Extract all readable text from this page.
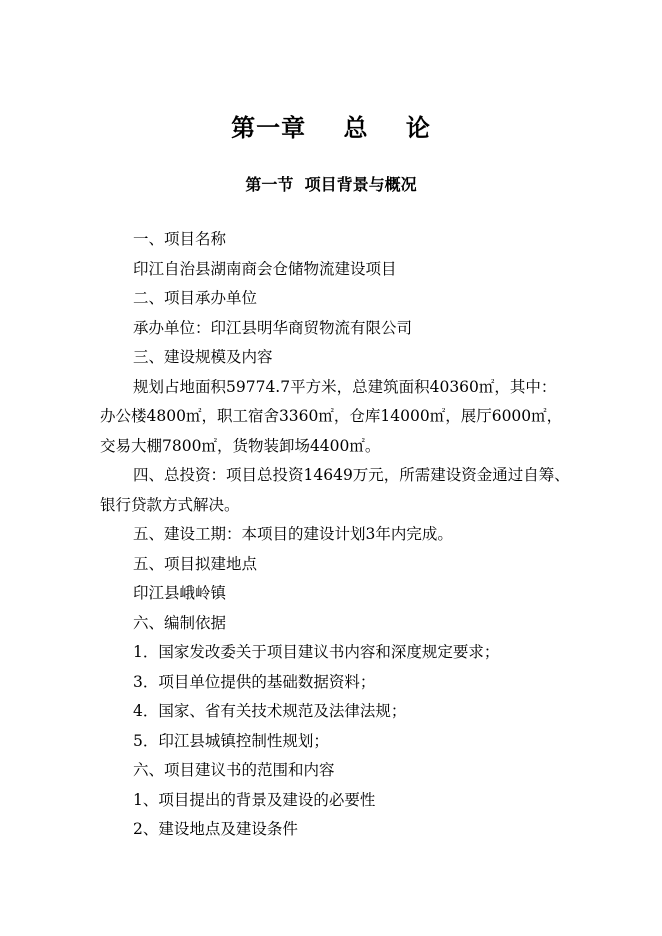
第一章    总    论
第一节  项目背景与概况

一、项目名称

印江自治县湖南商会仓储物流建设项目

二、项目承办单位

承办单位：印江县明华商贸物流有限公司

三、建设规模及内容

规划占地面积59774.7平方米，总建筑面积40360㎡，其中：办公楼4800㎡，职工宿舍3360㎡，仓库14000㎡，展厅6000㎡，交易大棚7800㎡，货物装卸场4400㎡。

四、总投资：项目总投资14649万元，所需建设资金通过自筹、银行贷款方式解决。

五、建设工期：本项目的建设计划3年内完成。

五、项目拟建地点

印江县峨岭镇

六、编制依据

1．国家发改委关于项目建议书内容和深度规定要求；

3．项目单位提供的基础数据资料；

4．国家、省有关技术规范及法律法规；

5．印江县城镇控制性规划；

六、项目建议书的范围和内容

1、项目提出的背景及建设的必要性

2、建设地点及建设条件
